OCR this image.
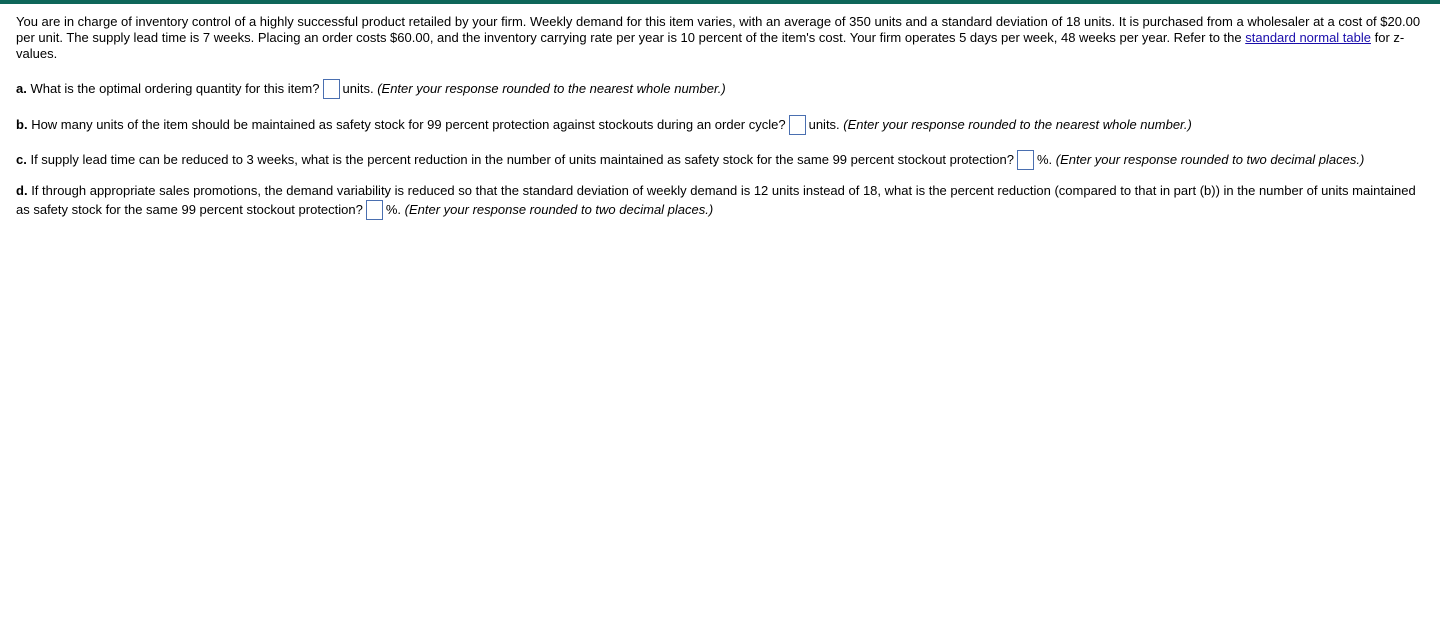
You are in charge of inventory control of a highly successful product retailed by your firm. Weekly demand for this item varies, with an average of 350 units and a standard deviation of 18 units. It is purchased from a wholesaler at a cost of $20.00 per unit. The supply lead time is 7 weeks. Placing an order costs $60.00, and the inventory carrying rate per year is 10 percent of the item's cost. Your firm operates 5 days per week, 48 weeks per year. Refer to the standard normal table for z-values.

a. What is the optimal ordering quantity for this item? units. (Enter your response rounded to the nearest whole number.)

b. How many units of the item should be maintained as safety stock for 99 percent protection against stockouts during an order cycle? units. (Enter your response rounded to the nearest whole number.)

c. If supply lead time can be reduced to 3 weeks, what is the percent reduction in the number of units maintained as safety stock for the same 99 percent stockout protection? %. (Enter your response rounded to two decimal places.)

d. If through appropriate sales promotions, the demand variability is reduced so that the standard deviation of weekly demand is 12 units instead of 18, what is the percent reduction (compared to that in part (b)) in the number of units maintained as safety stock for the same 99 percent stockout protection? %. (Enter your response rounded to two decimal places.)
